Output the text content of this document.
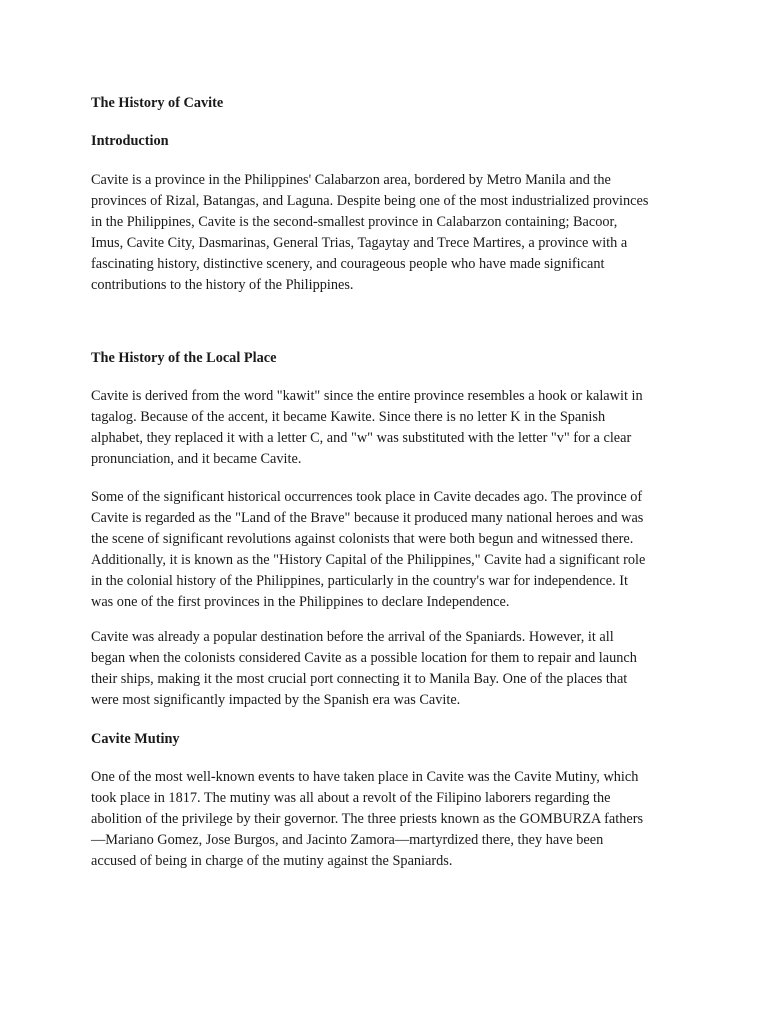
The History of Cavite
Introduction
Cavite is a province in the Philippines' Calabarzon area, bordered by Metro Manila and the
provinces of Rizal, Batangas, and Laguna. Despite being one of the most industrialized provinces
in the Philippines, Cavite is the second-smallest province in Calabarzon containing; Bacoor,
Imus, Cavite City, Dasmarinas, General Trias, Tagaytay and Trece Martires, a province with a
fascinating history, distinctive scenery, and courageous people who have made significant
contributions to the history of the Philippines.
The History of the Local Place
Cavite is derived from the word "kawit" since the entire province resembles a hook or kalawit in
tagalog. Because of the accent, it became Kawite. Since there is no letter K in the Spanish
alphabet, they replaced it with a letter C, and "w" was substituted with the letter "v" for a clear
pronunciation, and it became Cavite.
Some of the significant historical occurrences took place in Cavite decades ago. The province of
Cavite is regarded as the "Land of the Brave" because it produced many national heroes and was
the scene of significant revolutions against colonists that were both begun and witnessed there.
Additionally, it is known as the "History Capital of the Philippines," Cavite had a significant role
in the colonial history of the Philippines, particularly in the country's war for independence. It
was one of the first provinces in the Philippines to declare Independence.
Cavite was already a popular destination before the arrival of the Spaniards. However, it all
began when the colonists considered Cavite as a possible location for them to repair and launch
their ships, making it the most crucial port connecting it to Manila Bay. One of the places that
were most significantly impacted by the Spanish era was Cavite.
Cavite Mutiny
One of the most well-known events to have taken place in Cavite was the Cavite Mutiny, which
took place in 1817. The mutiny was all about a revolt of the Filipino laborers regarding the
abolition of the privilege by their governor. The three priests known as the GOMBURZA fathers
—Mariano Gomez, Jose Burgos, and Jacinto Zamora—martyrdized there, they have been
accused of being in charge of the mutiny against the Spaniards.
